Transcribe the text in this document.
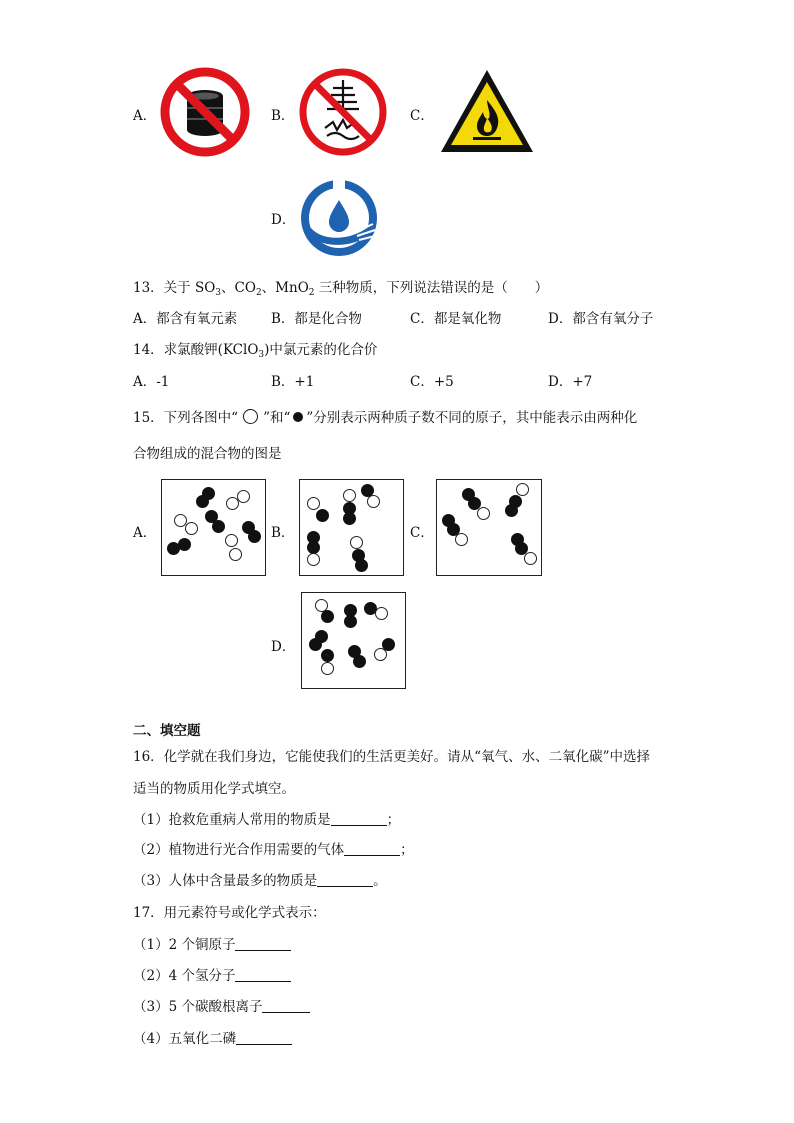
A．	B．	C．
D．
13．关于 $SO_3$、$CO_2$、MnO$_2$ 三种物质，下列说法错误的是（　　）
A．都含有氧元素	B．都是化合物	C．都是氧化物	D．都含有氧分子
14．求氯酸钾(KClO$_3$)中氯元素的化合价
A．-1	B．+1	C．+5	D．+7
15．下列各图中“ ”和“ ”分别表示两种质子数不同的原子，其中能表示由两种化
合物组成的混合物的图是
A．	B．	C．
D．
二、填空题
16．化学就在我们身边，它能使我们的生活更美好。请从“氧气、水、二氧化碳”中选择
适当的物质用化学式填空。
（1）抢救危重病人常用的物质是	；
（2）植物进行光合作用需要的气体	；
（3）人体中含量最多的物质是	。
17．用元素符号或化学式表示：
（1）2 个铜原子
（2）4 个氢分子
（3）5 个碳酸根离子
（4）五氧化二磷
